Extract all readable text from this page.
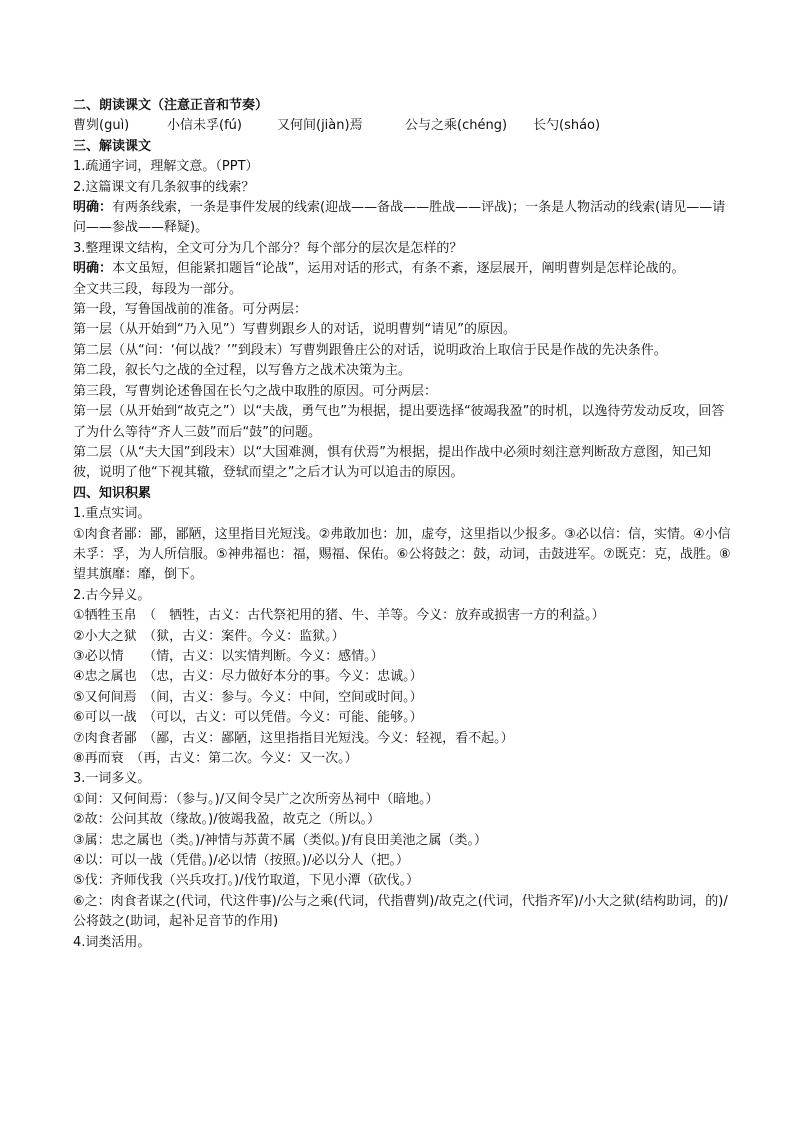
二、朗读课文（注意正音和节奏）
曹刿(guì)	小信未孚(fú)	又何间(jiàn)焉	公与之乘(chéng)	长勺(sháo)
三、解读课文
1.疏通字词，理解文意。（PPT）
2.这篇课文有几条叙事的线索？
明确：有两条线索，一条是事件发展的线索(迎战——备战——胜战——评战)；一条是人物活动的线索(请见——请问——参战——释疑)。
3.整理课文结构，全文可分为几个部分？每个部分的层次是怎样的？
明确：本文虽短，但能紧扣题旨“论战”，运用对话的形式，有条不紊，逐层展开，阐明曹刿是怎样论战的。
全文共三段，每段为一部分。
第一段，写鲁国战前的准备。可分两层：
第一层（从开始到“乃入见”）写曹刿跟乡人的对话，说明曹刿“请见”的原因。
第二层（从“问：‘何以战？’”到段末）写曹刿跟鲁庄公的对话，说明政治上取信于民是作战的先决条件。
第二段，叙长勺之战的全过程，以写鲁方之战术决策为主。
第三段，写曹刿论述鲁国在长勺之战中取胜的原因。可分两层：
第一层（从开始到“故克之”）以“夫战，勇气也”为根据，提出要选择“彼竭我盈”的时机，以逸待劳发动反攻，回答了为什么等待“齐人三鼓”而后“鼓”的问题。
第二层（从“夫大国”到段末）以“大国难测，惧有伏焉”为根据，提出作战中必须时刻注意判断敌方意图，知己知彼，说明了他“下视其辙，登轼而望之”之后才认为可以追击的原因。
四、知识积累
1.重点实词。
①肉食者鄙：鄙，鄙陋，这里指目光短浅。②弗敢加也：加，虚夸，这里指以少报多。③必以信：信，实情。④小信未孚：孚，为人所信服。⑤神弗福也：福，赐福、保佑。⑥公将鼓之：鼓，动词，击鼓进军。⑦既克：克，战胜。⑧望其旗靡：靡，倒下。
2.古今异义。
①牺牲玉帛　（　牺牲，古义：古代祭祀用的猪、牛、羊等。今义：放弃或损害一方的利益。）
②小大之狱　（狱，古义：案件。今义：监狱。）
③必以情　　（情，古义：以实情判断。今义：感情。）
④忠之属也　（忠，古义：尽力做好本分的事。今义：忠诚。）
⑤又何间焉　（间，古义：参与。今义：中间，空间或时间。）
⑥可以一战　（可以，古义：可以凭借。今义：可能、能够。）
⑦肉食者鄙　（鄙，古义：鄙陋，这里指指目光短浅。今义：轻视，看不起。）
⑧再而衰　（再，古义：第二次。今义：又一次。）
3.一词多义。
①间：又何间焉：（参与。)/又间令吴广之次所旁丛祠中（暗地。）
②故：公问其故（缘故。)/彼竭我盈，故克之（所以。）
③属：忠之属也（类。)/神情与苏黄不属（类似。)/有良田美池之属（类。）
④以：可以一战（凭借。)/必以情（按照。)/必以分人（把。）
⑤伐：齐师伐我（兴兵攻打。)/伐竹取道，下见小潭（砍伐。）
⑥之：肉食者谋之(代词，代这件事)/公与之乘(代词，代指曹刿)/故克之(代词，代指齐军)/小大之狱(结构助词，的)/公将鼓之(助词，起补足音节的作用)
4.词类活用。
